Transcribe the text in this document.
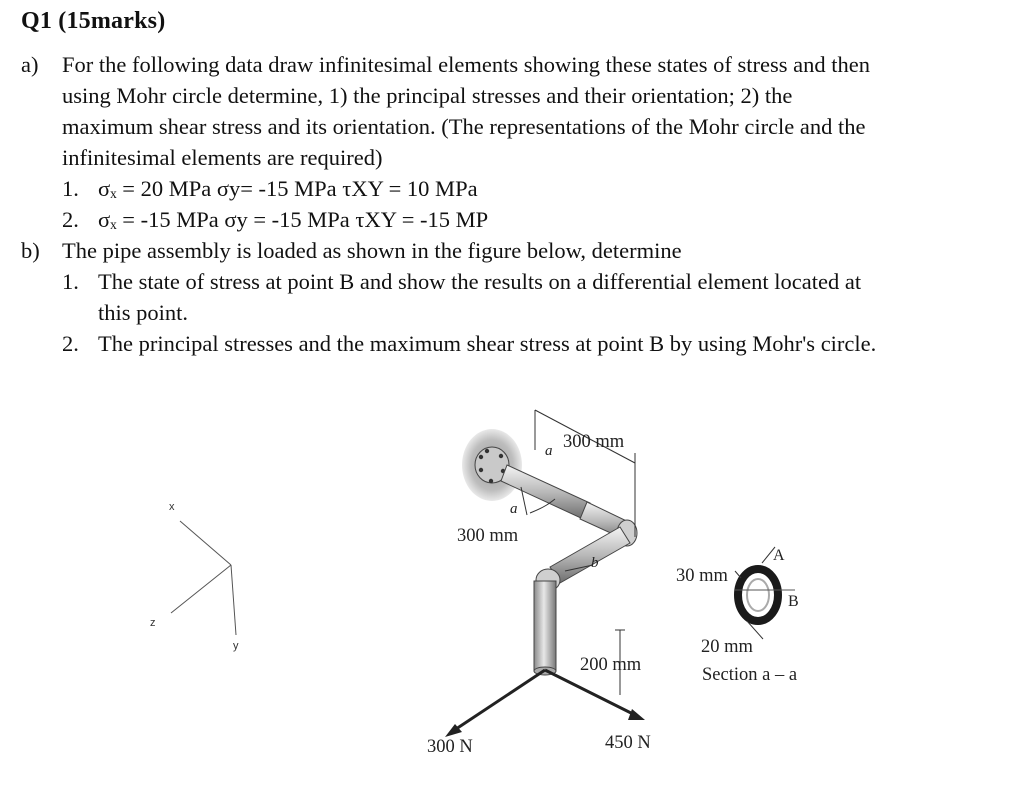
Q1 (15marks)
a) For the following data draw infinitesimal elements showing these states of stress and then
using Mohr circle determine, 1) the principal stresses and their orientation; 2) the
maximum shear stress and its orientation. (The representations of the Mohr circle and the
infinitesimal elements are required)
1. σₓ = 20 MPa σy= -15 MPa τXY = 10 MPa
2. σₓ = -15 MPa σy = -15 MPa τXY = -15 MP
b) The pipe assembly is loaded as shown in the figure below, determine
1. The state of stress at point B and show the results on a differential element located at
this point.
2. The principal stresses and the maximum shear stress at point B by using Mohr's circle.
x
y
z
300 mm
a
a
300 mm
b
200 mm
300 N	450 N
30 mm
A
B
20 mm
Section a – a
